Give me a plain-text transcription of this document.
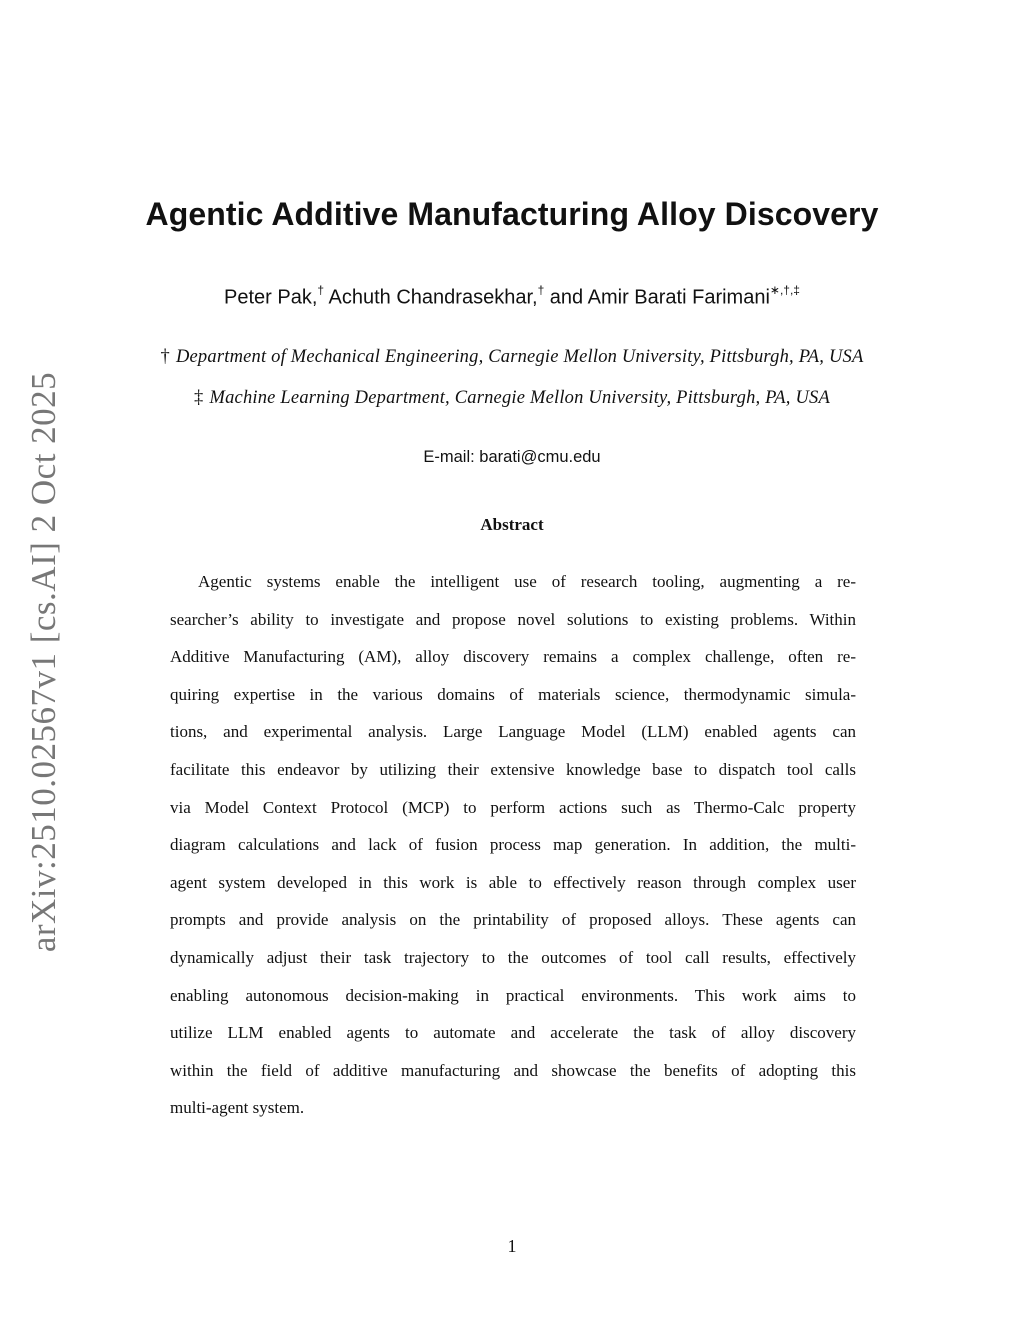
arXiv:2510.02567v1 [cs.AI] 2 Oct 2025
Agentic Additive Manufacturing Alloy Discovery
Peter Pak,† Achuth Chandrasekhar,† and Amir Barati Farimani∗,†,‡
† Department of Mechanical Engineering, Carnegie Mellon University, Pittsburgh, PA, USA
‡ Machine Learning Department, Carnegie Mellon University, Pittsburgh, PA, USA
E-mail: barati@cmu.edu
Abstract
Agentic systems enable the intelligent use of research tooling, augmenting a re-
searcher’s ability to investigate and propose novel solutions to existing problems. Within
Additive Manufacturing (AM), alloy discovery remains a complex challenge, often re-
quiring expertise in the various domains of materials science, thermodynamic simula-
tions, and experimental analysis. Large Language Model (LLM) enabled agents can
facilitate this endeavor by utilizing their extensive knowledge base to dispatch tool calls
via Model Context Protocol (MCP) to perform actions such as Thermo-Calc property
diagram calculations and lack of fusion process map generation. In addition, the multi-
agent system developed in this work is able to effectively reason through complex user
prompts and provide analysis on the printability of proposed alloys. These agents can
dynamically adjust their task trajectory to the outcomes of tool call results, effectively
enabling autonomous decision-making in practical environments. This work aims to
utilize LLM enabled agents to automate and accelerate the task of alloy discovery
within the field of additive manufacturing and showcase the benefits of adopting this
multi-agent system.
1
